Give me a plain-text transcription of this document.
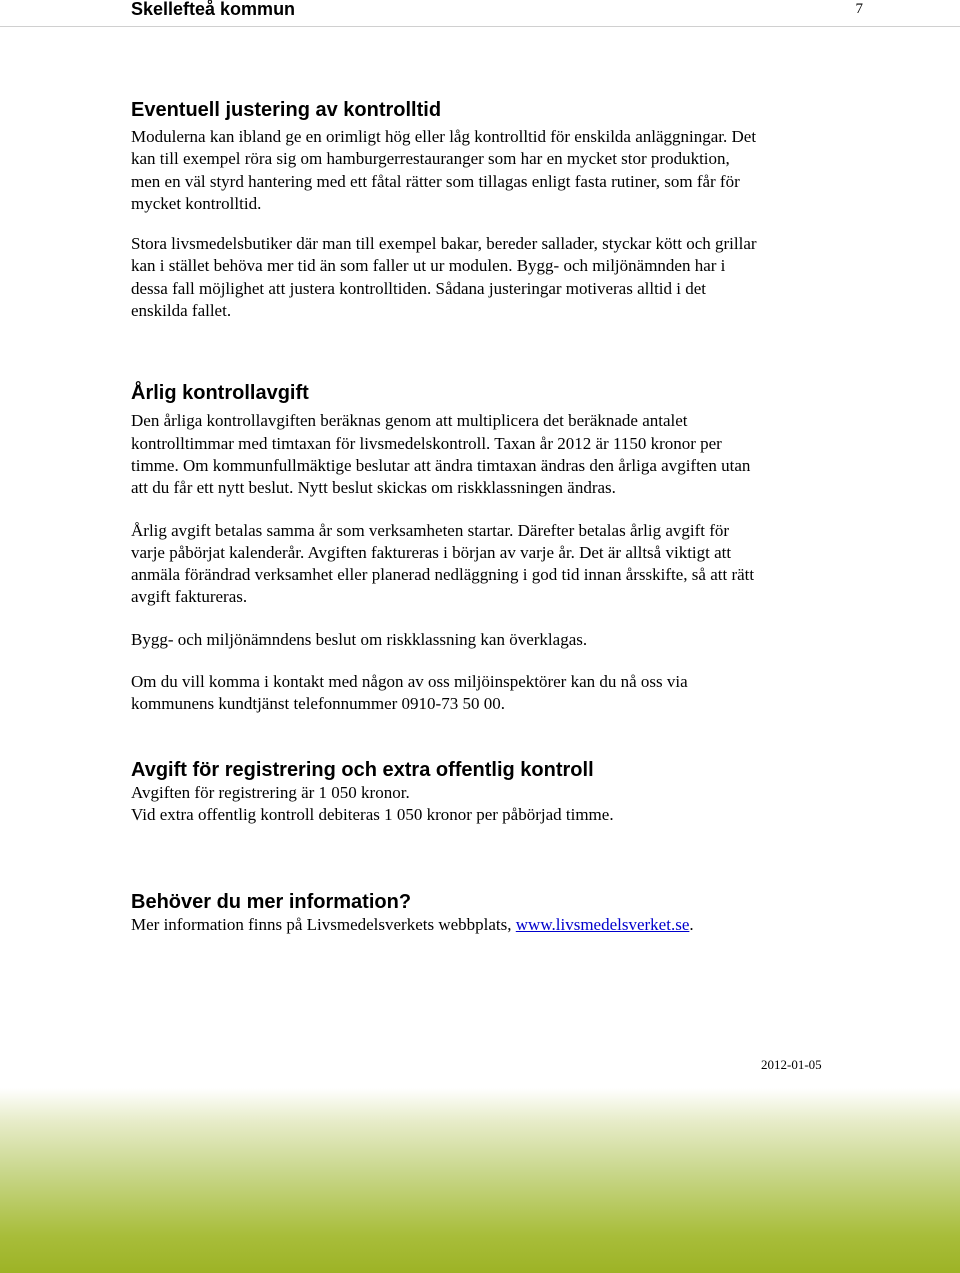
Skellefteå kommun	7
Eventuell justering av kontrolltid

Modulerna kan ibland ge en orimligt hög eller låg kontrolltid för enskilda anläggningar. Det
kan till exempel röra sig om hamburgerrestauranger som har en mycket stor produktion,
men en väl styrd hantering med ett fåtal rätter som tillagas enligt fasta rutiner, som får för
mycket kontrolltid.

Stora livsmedelsbutiker där man till exempel bakar, bereder sallader, styckar kött och grillar
kan i stället behöva mer tid än som faller ut ur modulen. Bygg- och miljönämnden har i
dessa fall möjlighet att justera kontrolltiden. Sådana justeringar motiveras alltid i det
enskilda fallet.

Årlig kontrollavgift

Den årliga kontrollavgiften beräknas genom att multiplicera det beräknade antalet
kontrolltimmar med timtaxan för livsmedelskontroll. Taxan år 2012 är 1150 kronor per
timme. Om kommunfullmäktige beslutar att ändra timtaxan ändras den årliga avgiften utan
att du får ett nytt beslut. Nytt beslut skickas om riskklassningen ändras.

Årlig avgift betalas samma år som verksamheten startar. Därefter betalas årlig avgift för
varje påbörjat kalenderår. Avgiften faktureras i början av varje år. Det är alltså viktigt att
anmäla förändrad verksamhet eller planerad nedläggning i god tid innan årsskifte, så att rätt
avgift faktureras.

Bygg- och miljönämndens beslut om riskklassning kan överklagas.

Om du vill komma i kontakt med någon av oss miljöinspektörer kan du nå oss via
kommunens kundtjänst telefonnummer 0910-73 50 00.

Avgift för registrering och extra offentlig kontroll

Avgiften för registrering är 1 050 kronor.
Vid extra offentlig kontroll debiteras 1 050 kronor per påbörjad timme.

Behöver du mer information?

Mer information finns på Livsmedelsverkets webbplats, www.livsmedelsverket.se.

2012-01-05
